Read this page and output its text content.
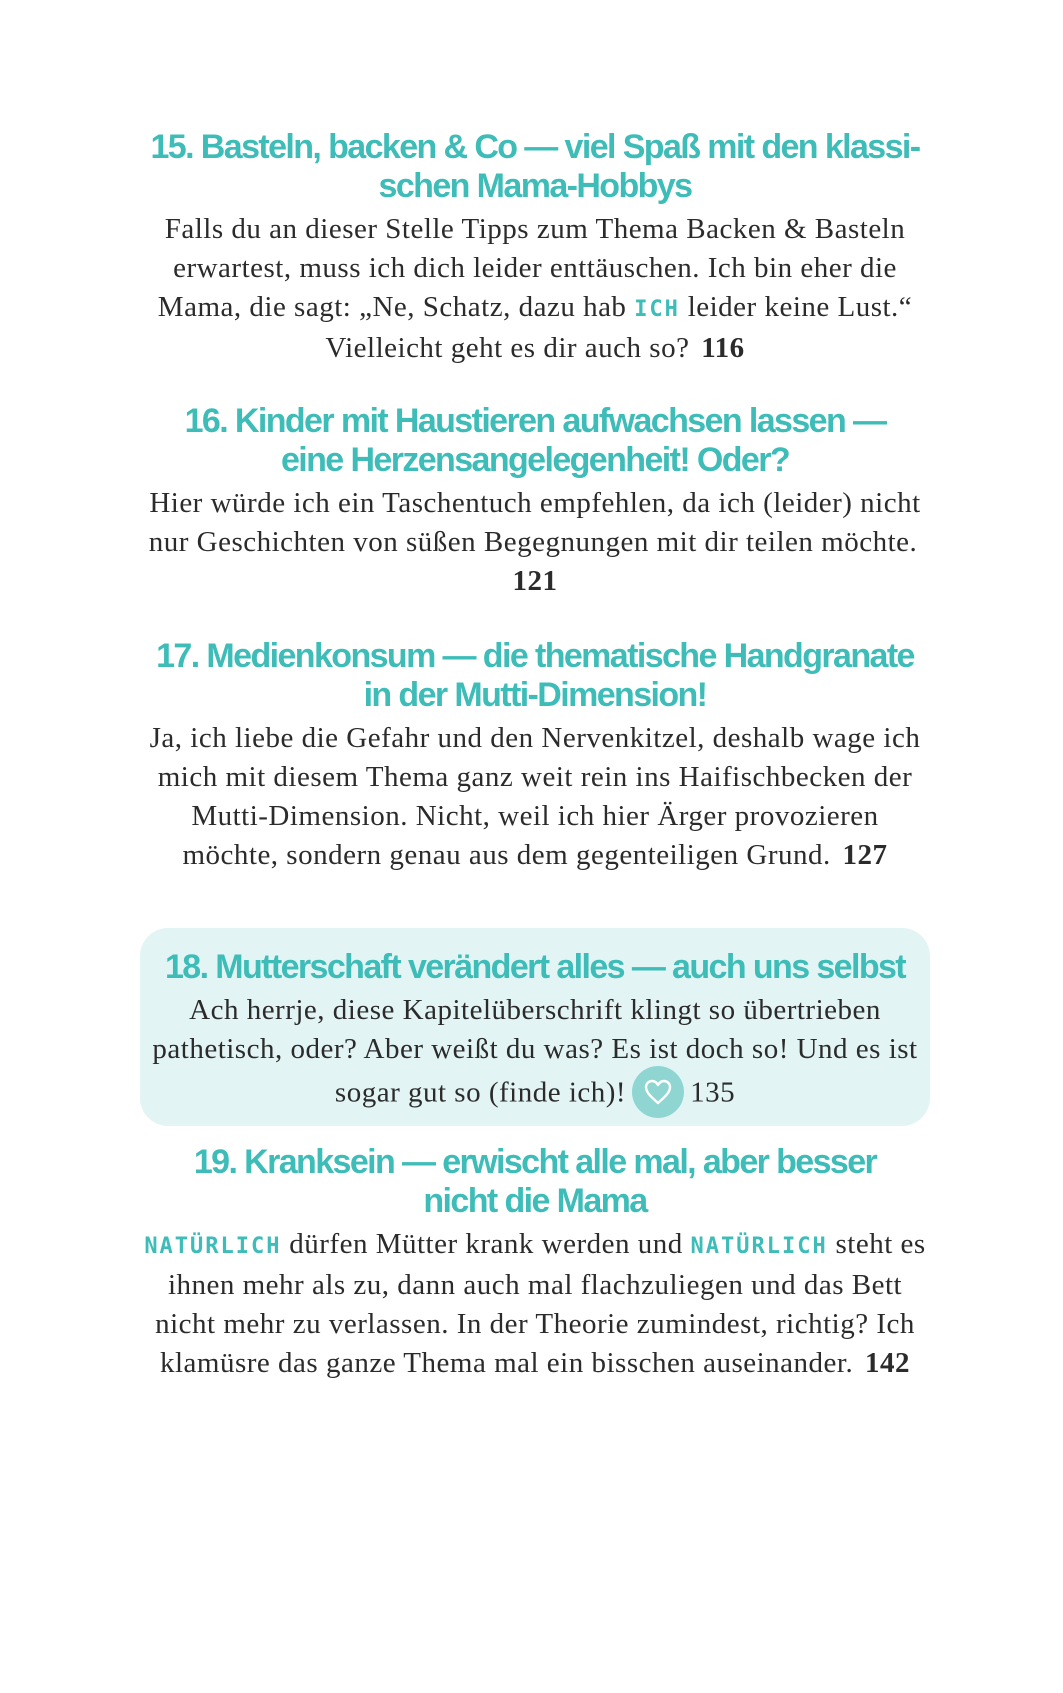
15. Basteln, backen & Co — viel Spaß mit den klassi-
schen Mama-Hobbys

Falls du an dieser Stelle Tipps zum Thema Backen & Basteln erwartest, muss ich dich leider enttäuschen. Ich bin eher die Mama, die sagt: „Ne, Schatz, dazu hab ICH leider keine Lust.“ Vielleicht geht es dir auch so? 116

16. Kinder mit Haustieren aufwachsen lassen —
eine Herzensangelegenheit! Oder?

Hier würde ich ein Taschentuch empfehlen, da ich (leider) nicht nur Geschichten von süßen Begegnungen mit dir teilen möchte. 121

17. Medienkonsum — die thematische Handgranate
in der Mutti-Dimension!

Ja, ich liebe die Gefahr und den Nervenkitzel, deshalb wage ich mich mit diesem Thema ganz weit rein ins Haifischbecken der Mutti-Dimension. Nicht, weil ich hier Ärger provozieren möchte, sondern genau aus dem gegenteiligen Grund. 127

18. Mutterschaft verändert alles — auch uns selbst

Ach herrje, diese Kapitelüberschrift klingt so übertrieben pathetisch, oder? Aber weißt du was? Es ist doch so! Und es ist sogar gut so (finde ich)! 135

19. Kranksein — erwischt alle mal, aber besser
nicht die Mama

NATÜRLICH dürfen Mütter krank werden und NATÜRLICH steht es ihnen mehr als zu, dann auch mal flachzuliegen und das Bett nicht mehr zu verlassen. In der Theorie zumindest, richtig? Ich klamüsre das ganze Thema mal ein bisschen auseinander. 142
